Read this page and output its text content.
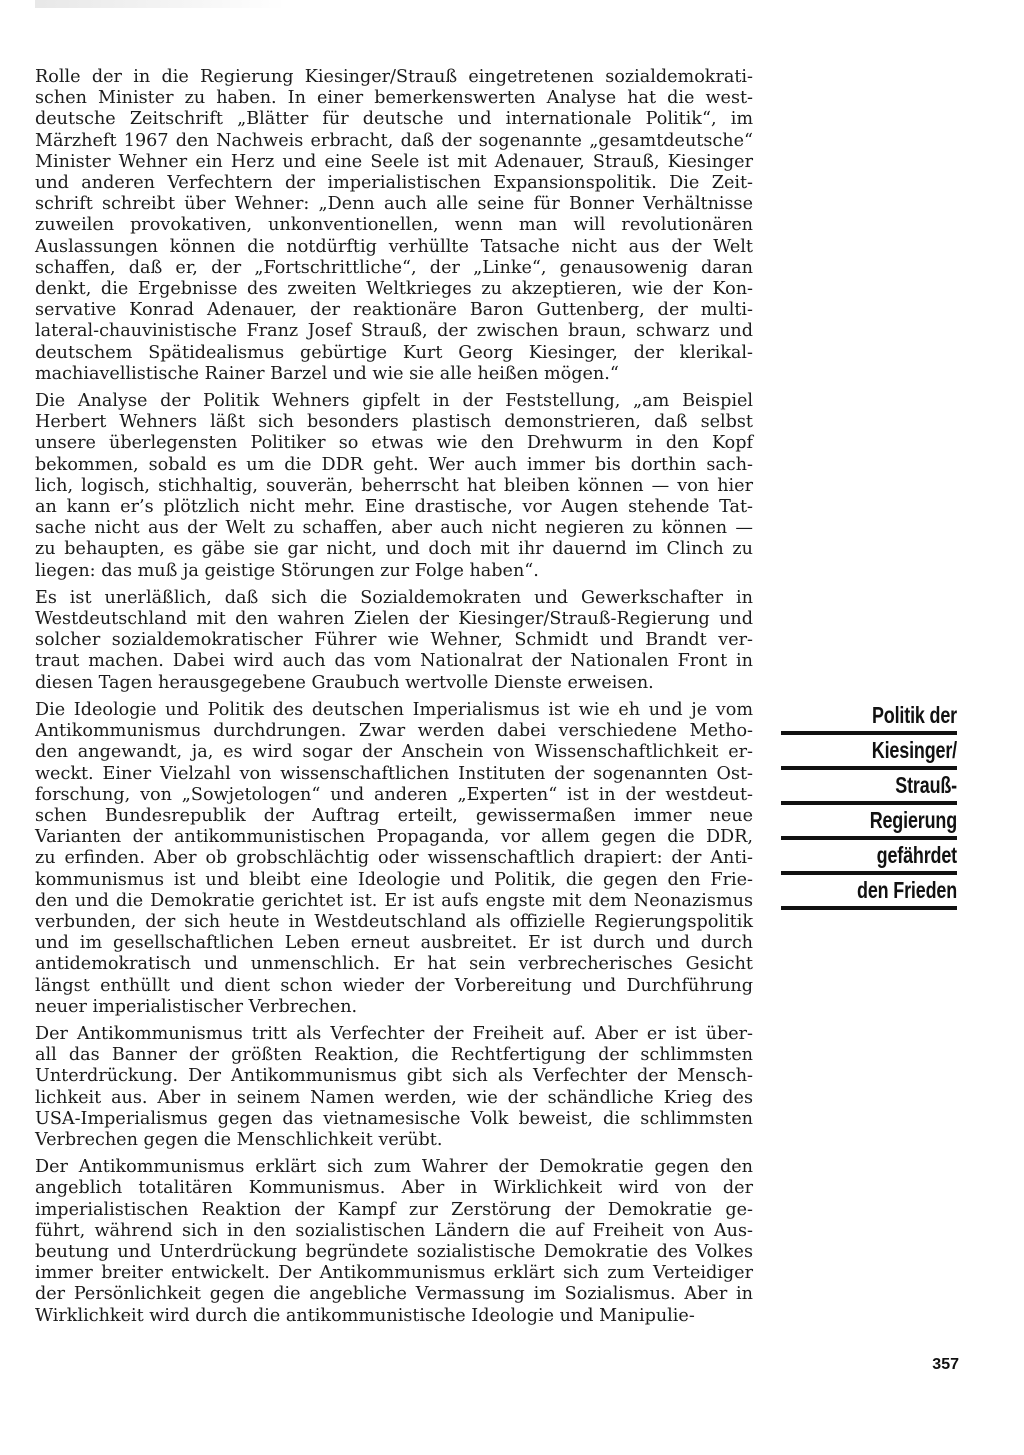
Rolle der in die Regierung Kiesinger/Strauß eingetretenen sozialdemokrati-
schen Minister zu haben. In einer bemerkenswerten Analyse hat die west-
deutsche Zeitschrift „Blätter für deutsche und internationale Politik“, im
Märzheft 1967 den Nachweis erbracht, daß der sogenannte „gesamtdeutsche“
Minister Wehner ein Herz und eine Seele ist mit Adenauer, Strauß, Kiesinger
und anderen Verfechtern der imperialistischen Expansionspolitik. Die Zeit-
schrift schreibt über Wehner: „Denn auch alle seine für Bonner Verhältnisse
zuweilen provokativen, unkonventionellen, wenn man will revolutionären
Auslassungen können die notdürftig verhüllte Tatsache nicht aus der Welt
schaffen, daß er, der „Fortschrittliche“, der „Linke“, genausowenig daran
denkt, die Ergebnisse des zweiten Weltkrieges zu akzeptieren, wie der Kon-
servative Konrad Adenauer, der reaktionäre Baron Guttenberg, der multi-
lateral-chauvinistische Franz Josef Strauß, der zwischen braun, schwarz und
deutschem Spätidealismus gebürtige Kurt Georg Kiesinger, der klerikal-
machiavellistische Rainer Barzel und wie sie alle heißen mögen.“

Die Analyse der Politik Wehners gipfelt in der Feststellung, „am Beispiel
Herbert Wehners läßt sich besonders plastisch demonstrieren, daß selbst
unsere überlegensten Politiker so etwas wie den Drehwurm in den Kopf
bekommen, sobald es um die DDR geht. Wer auch immer bis dorthin sach-
lich, logisch, stichhaltig, souverän, beherrscht hat bleiben können — von hier
an kann er’s plötzlich nicht mehr. Eine drastische, vor Augen stehende Tat-
sache nicht aus der Welt zu schaffen, aber auch nicht negieren zu können —
zu behaupten, es gäbe sie gar nicht, und doch mit ihr dauernd im Clinch zu
liegen: das muß ja geistige Störungen zur Folge haben“.

Es ist unerläßlich, daß sich die Sozialdemokraten und Gewerkschafter in
Westdeutschland mit den wahren Zielen der Kiesinger/Strauß-Regierung und
solcher sozialdemokratischer Führer wie Wehner, Schmidt und Brandt ver-
traut machen. Dabei wird auch das vom Nationalrat der Nationalen Front in
diesen Tagen herausgegebene Graubuch wertvolle Dienste erweisen.

Die Ideologie und Politik des deutschen Imperialismus ist wie eh und je vom
Antikommunismus durchdrungen. Zwar werden dabei verschiedene Metho-
den angewandt, ja, es wird sogar der Anschein von Wissenschaftlichkeit er-
weckt. Einer Vielzahl von wissenschaftlichen Instituten der sogenannten Ost-
forschung, von „Sowjetologen“ und anderen „Experten“ ist in der westdeut-
schen Bundesrepublik der Auftrag erteilt, gewissermaßen immer neue
Varianten der antikommunistischen Propaganda, vor allem gegen die DDR,
zu erfinden. Aber ob grobschlächtig oder wissenschaftlich drapiert: der Anti-
kommunismus ist und bleibt eine Ideologie und Politik, die gegen den Frie-
den und die Demokratie gerichtet ist. Er ist aufs engste mit dem Neonazismus
verbunden, der sich heute in Westdeutschland als offizielle Regierungspolitik
und im gesellschaftlichen Leben erneut ausbreitet. Er ist durch und durch
antidemokratisch und unmenschlich. Er hat sein verbrecherisches Gesicht
längst enthüllt und dient schon wieder der Vorbereitung und Durchführung
neuer imperialistischer Verbrechen.

Der Antikommunismus tritt als Verfechter der Freiheit auf. Aber er ist über-
all das Banner der größten Reaktion, die Rechtfertigung der schlimmsten
Unterdrückung. Der Antikommunismus gibt sich als Verfechter der Mensch-
lichkeit aus. Aber in seinem Namen werden, wie der schändliche Krieg des
USA-Imperialismus gegen das vietnamesische Volk beweist, die schlimmsten
Verbrechen gegen die Menschlichkeit verübt.

Der Antikommunismus erklärt sich zum Wahrer der Demokratie gegen den
angeblich totalitären Kommunismus. Aber in Wirklichkeit wird von der
imperialistischen Reaktion der Kampf zur Zerstörung der Demokratie ge-
führt, während sich in den sozialistischen Ländern die auf Freiheit von Aus-
beutung und Unterdrückung begründete sozialistische Demokratie des Volkes
immer breiter entwickelt. Der Antikommunismus erklärt sich zum Verteidiger
der Persönlichkeit gegen die angebliche Vermassung im Sozialismus. Aber in
Wirklichkeit wird durch die antikommunistische Ideologie und Manipulie-

Politik der
Kiesinger/
Strauß-
Regierung
gefährdet
den Frieden
357
